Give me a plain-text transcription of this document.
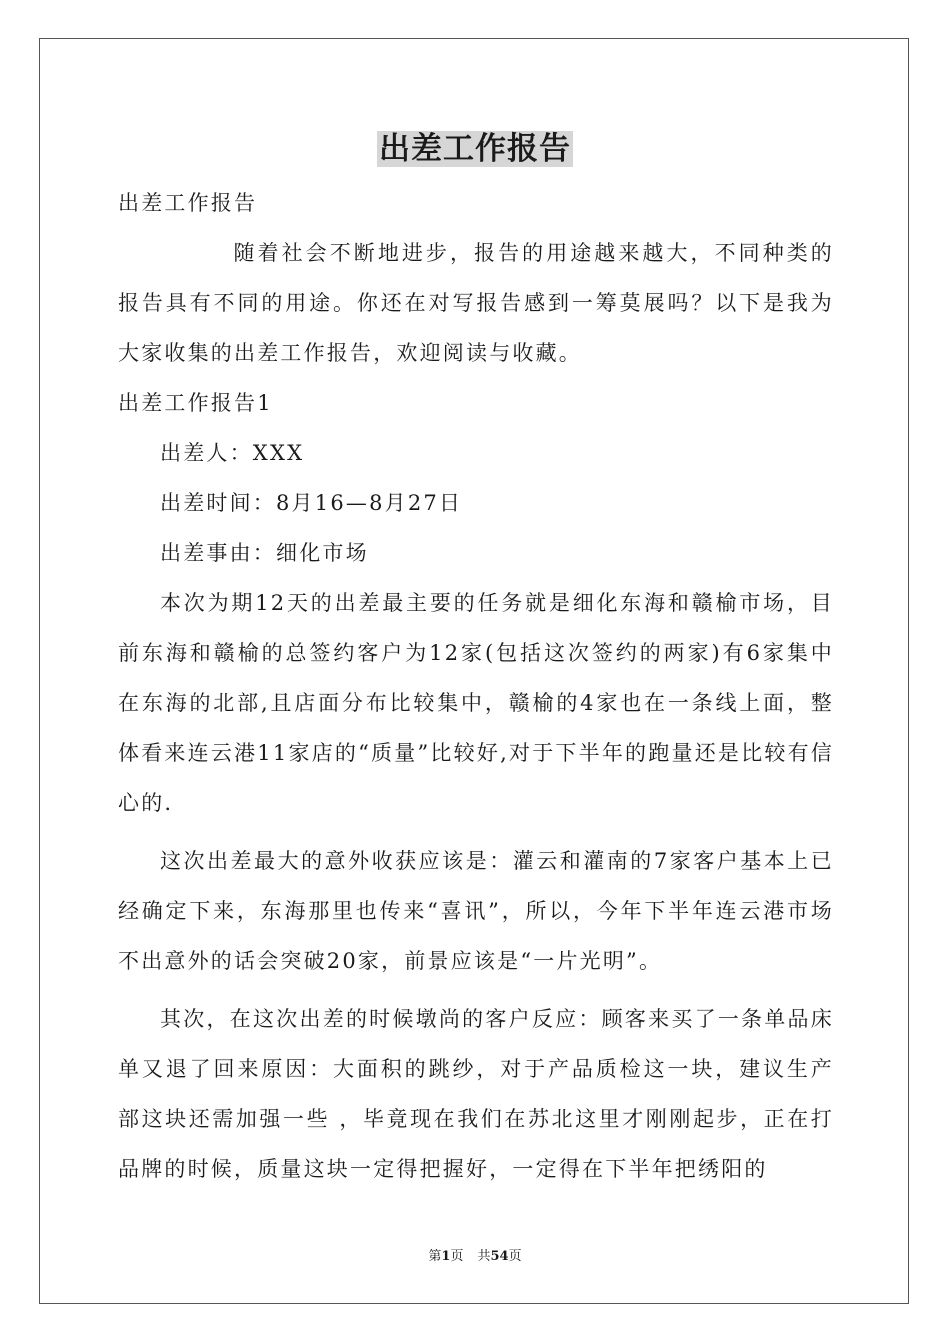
出差工作报告

出差工作报告

随着社会不断地进步，报告的用途越来越大，不同种类的报告具有不同的用途。你还在对写报告感到一筹莫展吗？以下是我为大家收集的出差工作报告，欢迎阅读与收藏。

出差工作报告1

出差人：XXX

出差时间：8月16—8月27日

出差事由：细化市场

本次为期12天的出差最主要的任务就是细化东海和赣榆市场，目前东海和赣榆的总签约客户为12家(包括这次签约的两家)有6家集中在东海的北部,且店面分布比较集中，赣榆的4家也在一条线上面，整体看来连云港11家店的“质量”比较好,对于下半年的跑量还是比较有信心的.

这次出差最大的意外收获应该是：灌云和灌南的7家客户基本上已经确定下来，东海那里也传来“喜讯”，所以，今年下半年连云港市场不出意外的话会突破20家，前景应该是“一片光明”。

其次，在这次出差的时候墩尚的客户反应：顾客来买了一条单品床单又退了回来原因：大面积的跳纱，对于产品质检这一块，建议生产部这块还需加强一些 ，毕竟现在我们在苏北这里才刚刚起步，正在打品牌的时候，质量这块一定得把握好，一定得在下半年把绣阳的

第1页 共54页
